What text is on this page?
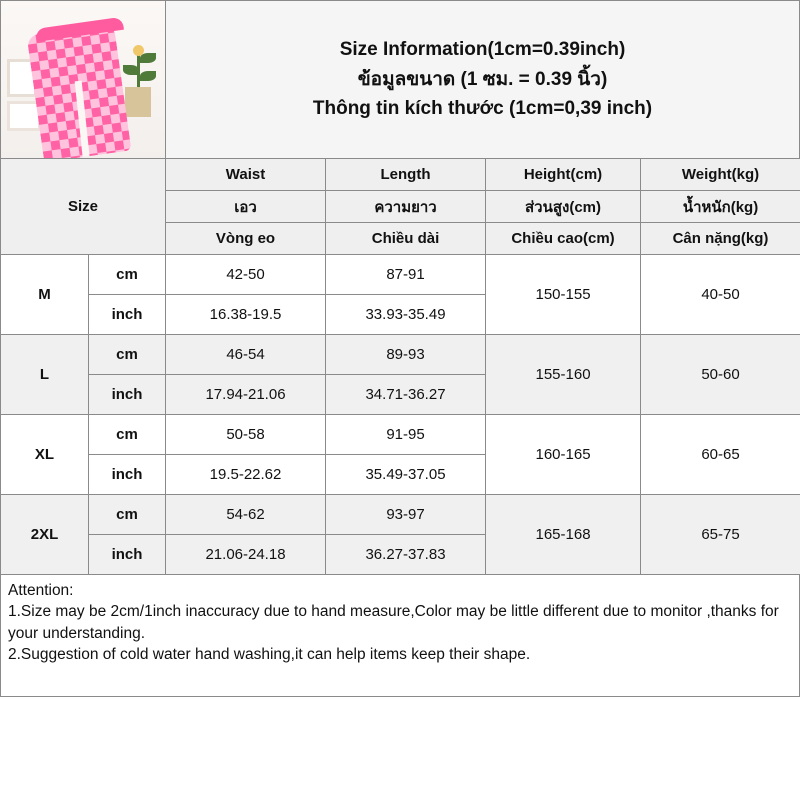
Size Information(1cm=0.39inch)
ข้อมูลขนาด (1 ซม. = 0.39 นิ้ว)
Thông tin kích thước (1cm=0,39 inch)
Size		Waist	Length	Height(cm)	Weight(kg)
		เอว	ความยาว	ส่วนสูง(cm)	น้ำหนัก(kg)
		Vòng eo	Chiều dài	Chiều cao(cm)	Cân nặng(kg)
M	cm	42-50	87-91	150-155	40-50
	inch	16.38-19.5	33.93-35.49		
L	cm	46-54	89-93	155-160	50-60
	inch	17.94-21.06	34.71-36.27		
XL	cm	50-58	91-95	160-165	60-65
	inch	19.5-22.62	35.49-37.05		
2XL	cm	54-62	93-97	165-168	65-75
	inch	21.06-24.18	36.27-37.83		
Attention:
1.Size may be 2cm/1inch inaccuracy due to hand measure,Color may be little different due to monitor ,thanks for your understanding.
2.Suggestion of cold water hand washing,it can help items keep their shape.
